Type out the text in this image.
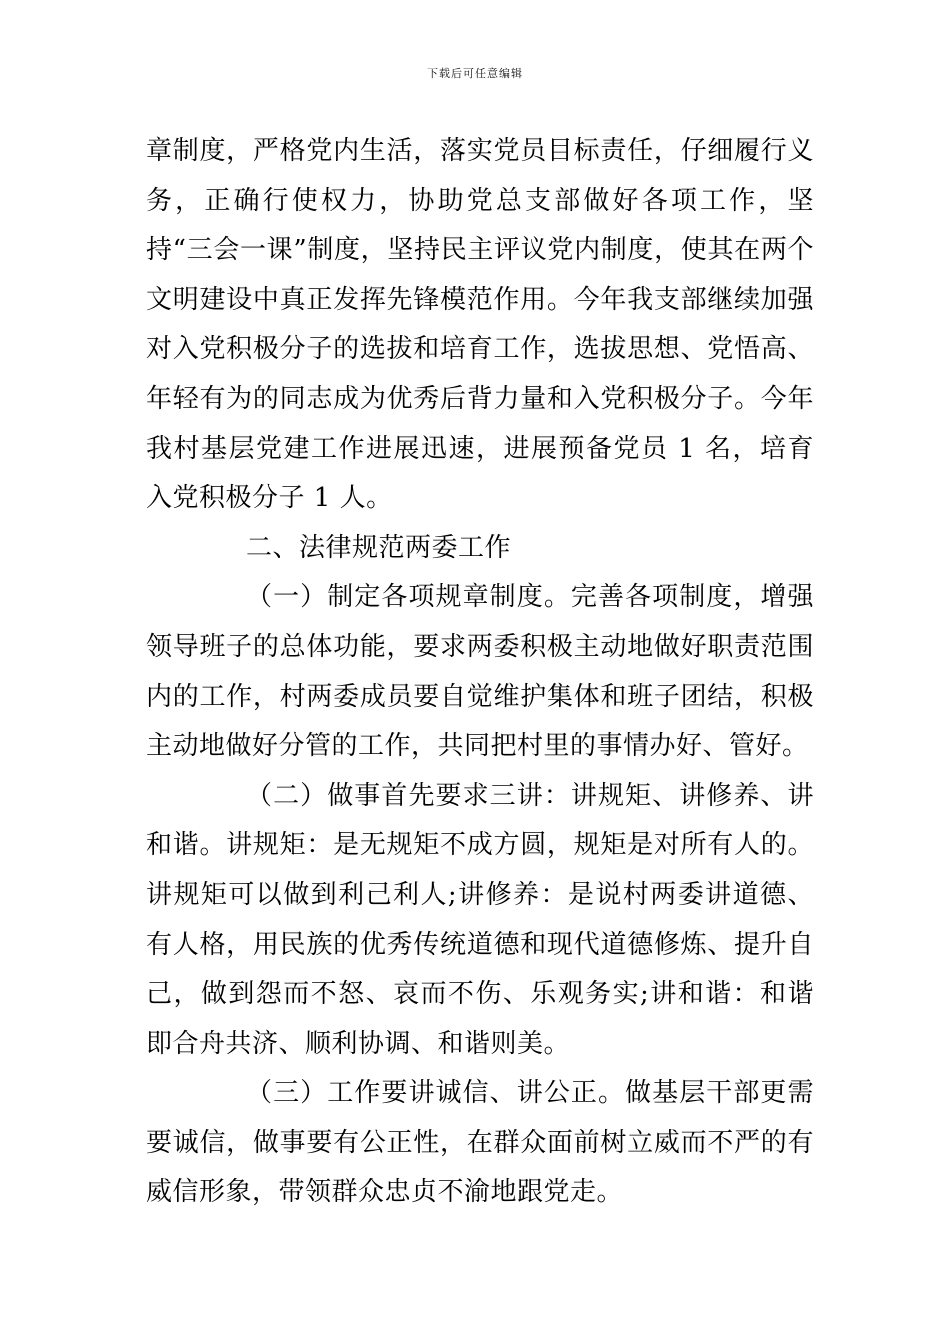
下载后可任意编辑

章制度，严格党内生活，落实党员目标责任，仔细履行义务，正确行使权力，协助党总支部做好各项工作，坚持“三会一课”制度，坚持民主评议党内制度，使其在两个文明建设中真正发挥先锋模范作用。今年我支部继续加强对入党积极分子的选拔和培育工作，选拔思想、党悟高、年轻有为的同志成为优秀后背力量和入党积极分子。今年我村基层党建工作进展迅速，进展预备党员 1 名，培育入党积极分子 1 人。

二、法律规范两委工作

（一）制定各项规章制度。完善各项制度，增强领导班子的总体功能，要求两委积极主动地做好职责范围内的工作，村两委成员要自觉维护集体和班子团结，积极主动地做好分管的工作，共同把村里的事情办好、管好。

（二）做事首先要求三讲：讲规矩、讲修养、讲和谐。讲规矩：是无规矩不成方圆，规矩是对所有人的。讲规矩可以做到利己利人;讲修养：是说村两委讲道德、有人格，用民族的优秀传统道德和现代道德修炼、提升自己，做到怨而不怒、哀而不伤、乐观务实;讲和谐：和谐即合舟共济、顺利协调、和谐则美。

（三）工作要讲诚信、讲公正。做基层干部更需要诚信，做事要有公正性，在群众面前树立威而不严的有威信形象，带领群众忠贞不渝地跟党走。
